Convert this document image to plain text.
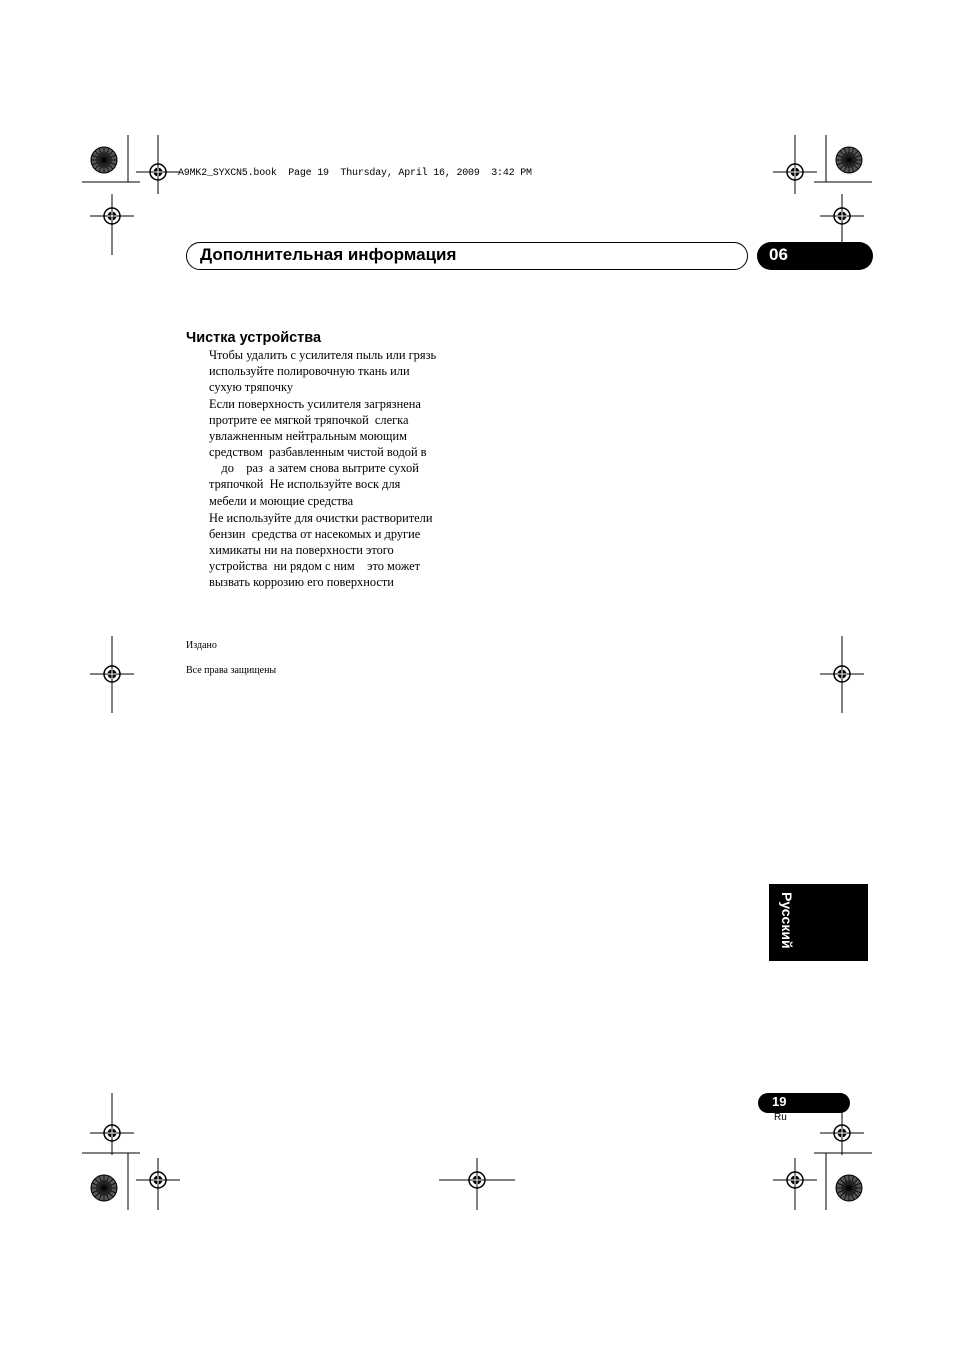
A9MK2_SYXCN5.book  Page 19  Thursday, April 16, 2009  3:42 PM
Дополнительная информация	06
Чистка устройства
Чтобы удалить с усилителя пыль или грязь
используйте полировочную ткань или
сухую тряпочку
Если поверхность усилителя загрязнена
протрите ее мягкой тряпочкой  слегка
увлажненным нейтральным моющим
средством  разбавленным чистой водой в
до    раз  а затем снова вытрите сухой
тряпочкой  Не используйте воск для
мебели и моющие средства
Не используйте для очистки растворители
бензин  средства от насекомых и другие
химикаты ни на поверхности этого
устройства  ни рядом с ним    это может
вызвать коррозию его поверхности
Издано
Все права защищены
Русский
19
Ru
